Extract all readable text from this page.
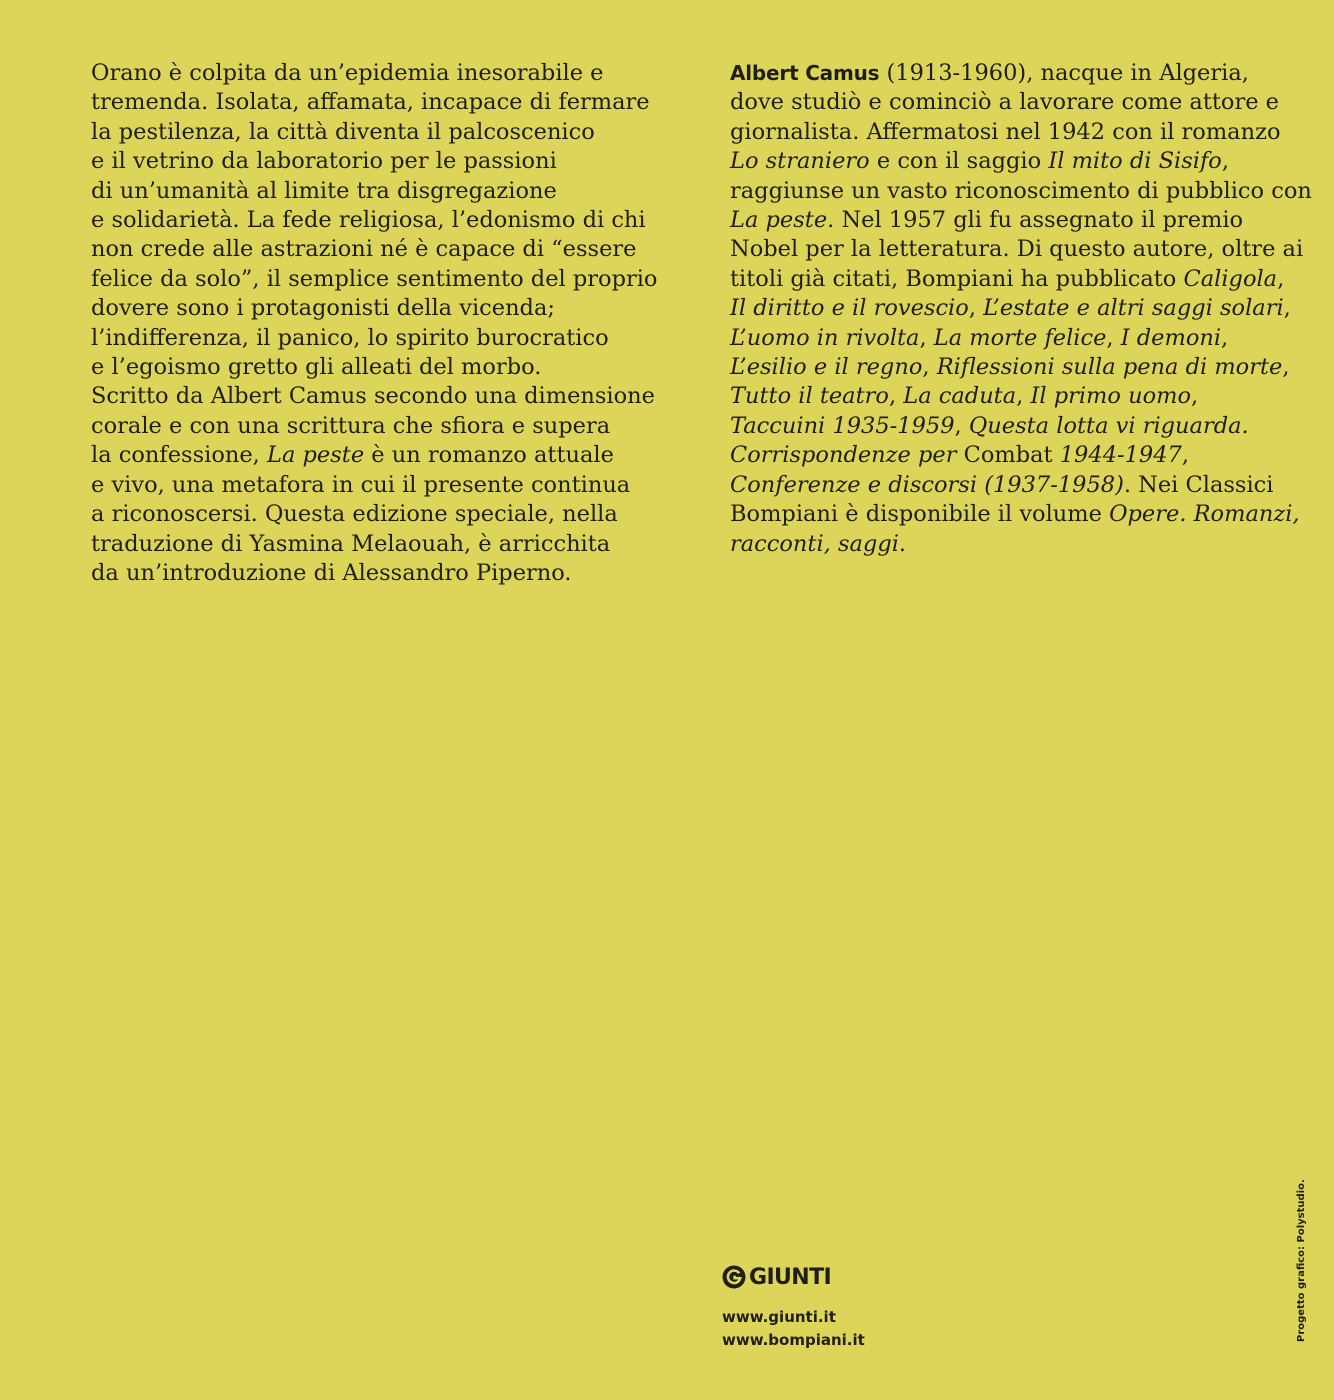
Orano è colpita da un’epidemia inesorabile e
tremenda. Isolata, affamata, incapace di fermare
la pestilenza, la città diventa il palcoscenico
e il vetrino da laboratorio per le passioni
di un’umanità al limite tra disgregazione
e solidarietà. La fede religiosa, l’edonismo di chi
non crede alle astrazioni né è capace di “essere
felice da solo”, il semplice sentimento del proprio
dovere sono i protagonisti della vicenda;
l’indifferenza, il panico, lo spirito burocratico
e l’egoismo gretto gli alleati del morbo.
Scritto da Albert Camus secondo una dimensione
corale e con una scrittura che sfiora e supera
la confessione, La peste è un romanzo attuale
e vivo, una metafora in cui il presente continua
a riconoscersi. Questa edizione speciale, nella
traduzione di Yasmina Melaouah, è arricchita
da un’introduzione di Alessandro Piperno.
Albert Camus (1913-1960), nacque in Algeria,
dove studiò e cominciò a lavorare come attore e
giornalista. Affermatosi nel 1942 con il romanzo
Lo straniero e con il saggio Il mito di Sisifo,
raggiunse un vasto riconoscimento di pubblico con
La peste. Nel 1957 gli fu assegnato il premio
Nobel per la letteratura. Di questo autore, oltre ai
titoli già citati, Bompiani ha pubblicato Caligola,
Il diritto e il rovescio, L’estate e altri saggi solari,
L’uomo in rivolta, La morte felice, I demoni,
L’esilio e il regno, Riflessioni sulla pena di morte,
Tutto il teatro, La caduta, Il primo uomo,
Taccuini 1935-1959, Questa lotta vi riguarda.
Corrispondenze per Combat 1944-1947,
Conferenze e discorsi (1937-1958). Nei Classici
Bompiani è disponibile il volume Opere. Romanzi,
racconti, saggi.
GIUNTI
www.giunti.it
www.bompiani.it	Progetto grafico: Polystudio.
